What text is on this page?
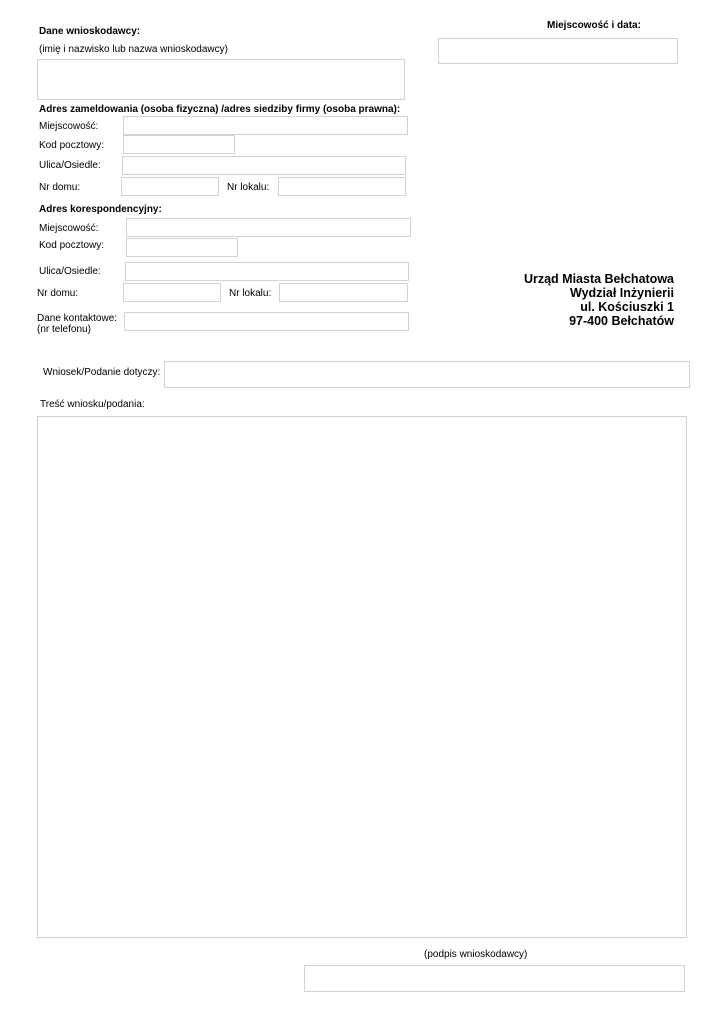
Miejscowość i data:
Dane wnioskodawcy:
(imię i nazwisko lub nazwa wnioskodawcy)
Adres zameldowania (osoba fizyczna) /adres siedziby firmy (osoba prawna):
Miejscowość:
Kod pocztowy:
Ulica/Osiedle:
Nr domu:	Nr lokalu:
Adres korespondencyjny:
Miejscowość:
Kod pocztowy:
Ulica/Osiedle:
Nr domu:	Nr lokalu:
Dane kontaktowe:
(nr telefonu)
Urząd Miasta Bełchatowa
Wydział Inżynierii
ul. Kościuszki 1
97-400 Bełchatów
Wniosek/Podanie dotyczy:
Treść wniosku/podania:
(podpis wnioskodawcy)
